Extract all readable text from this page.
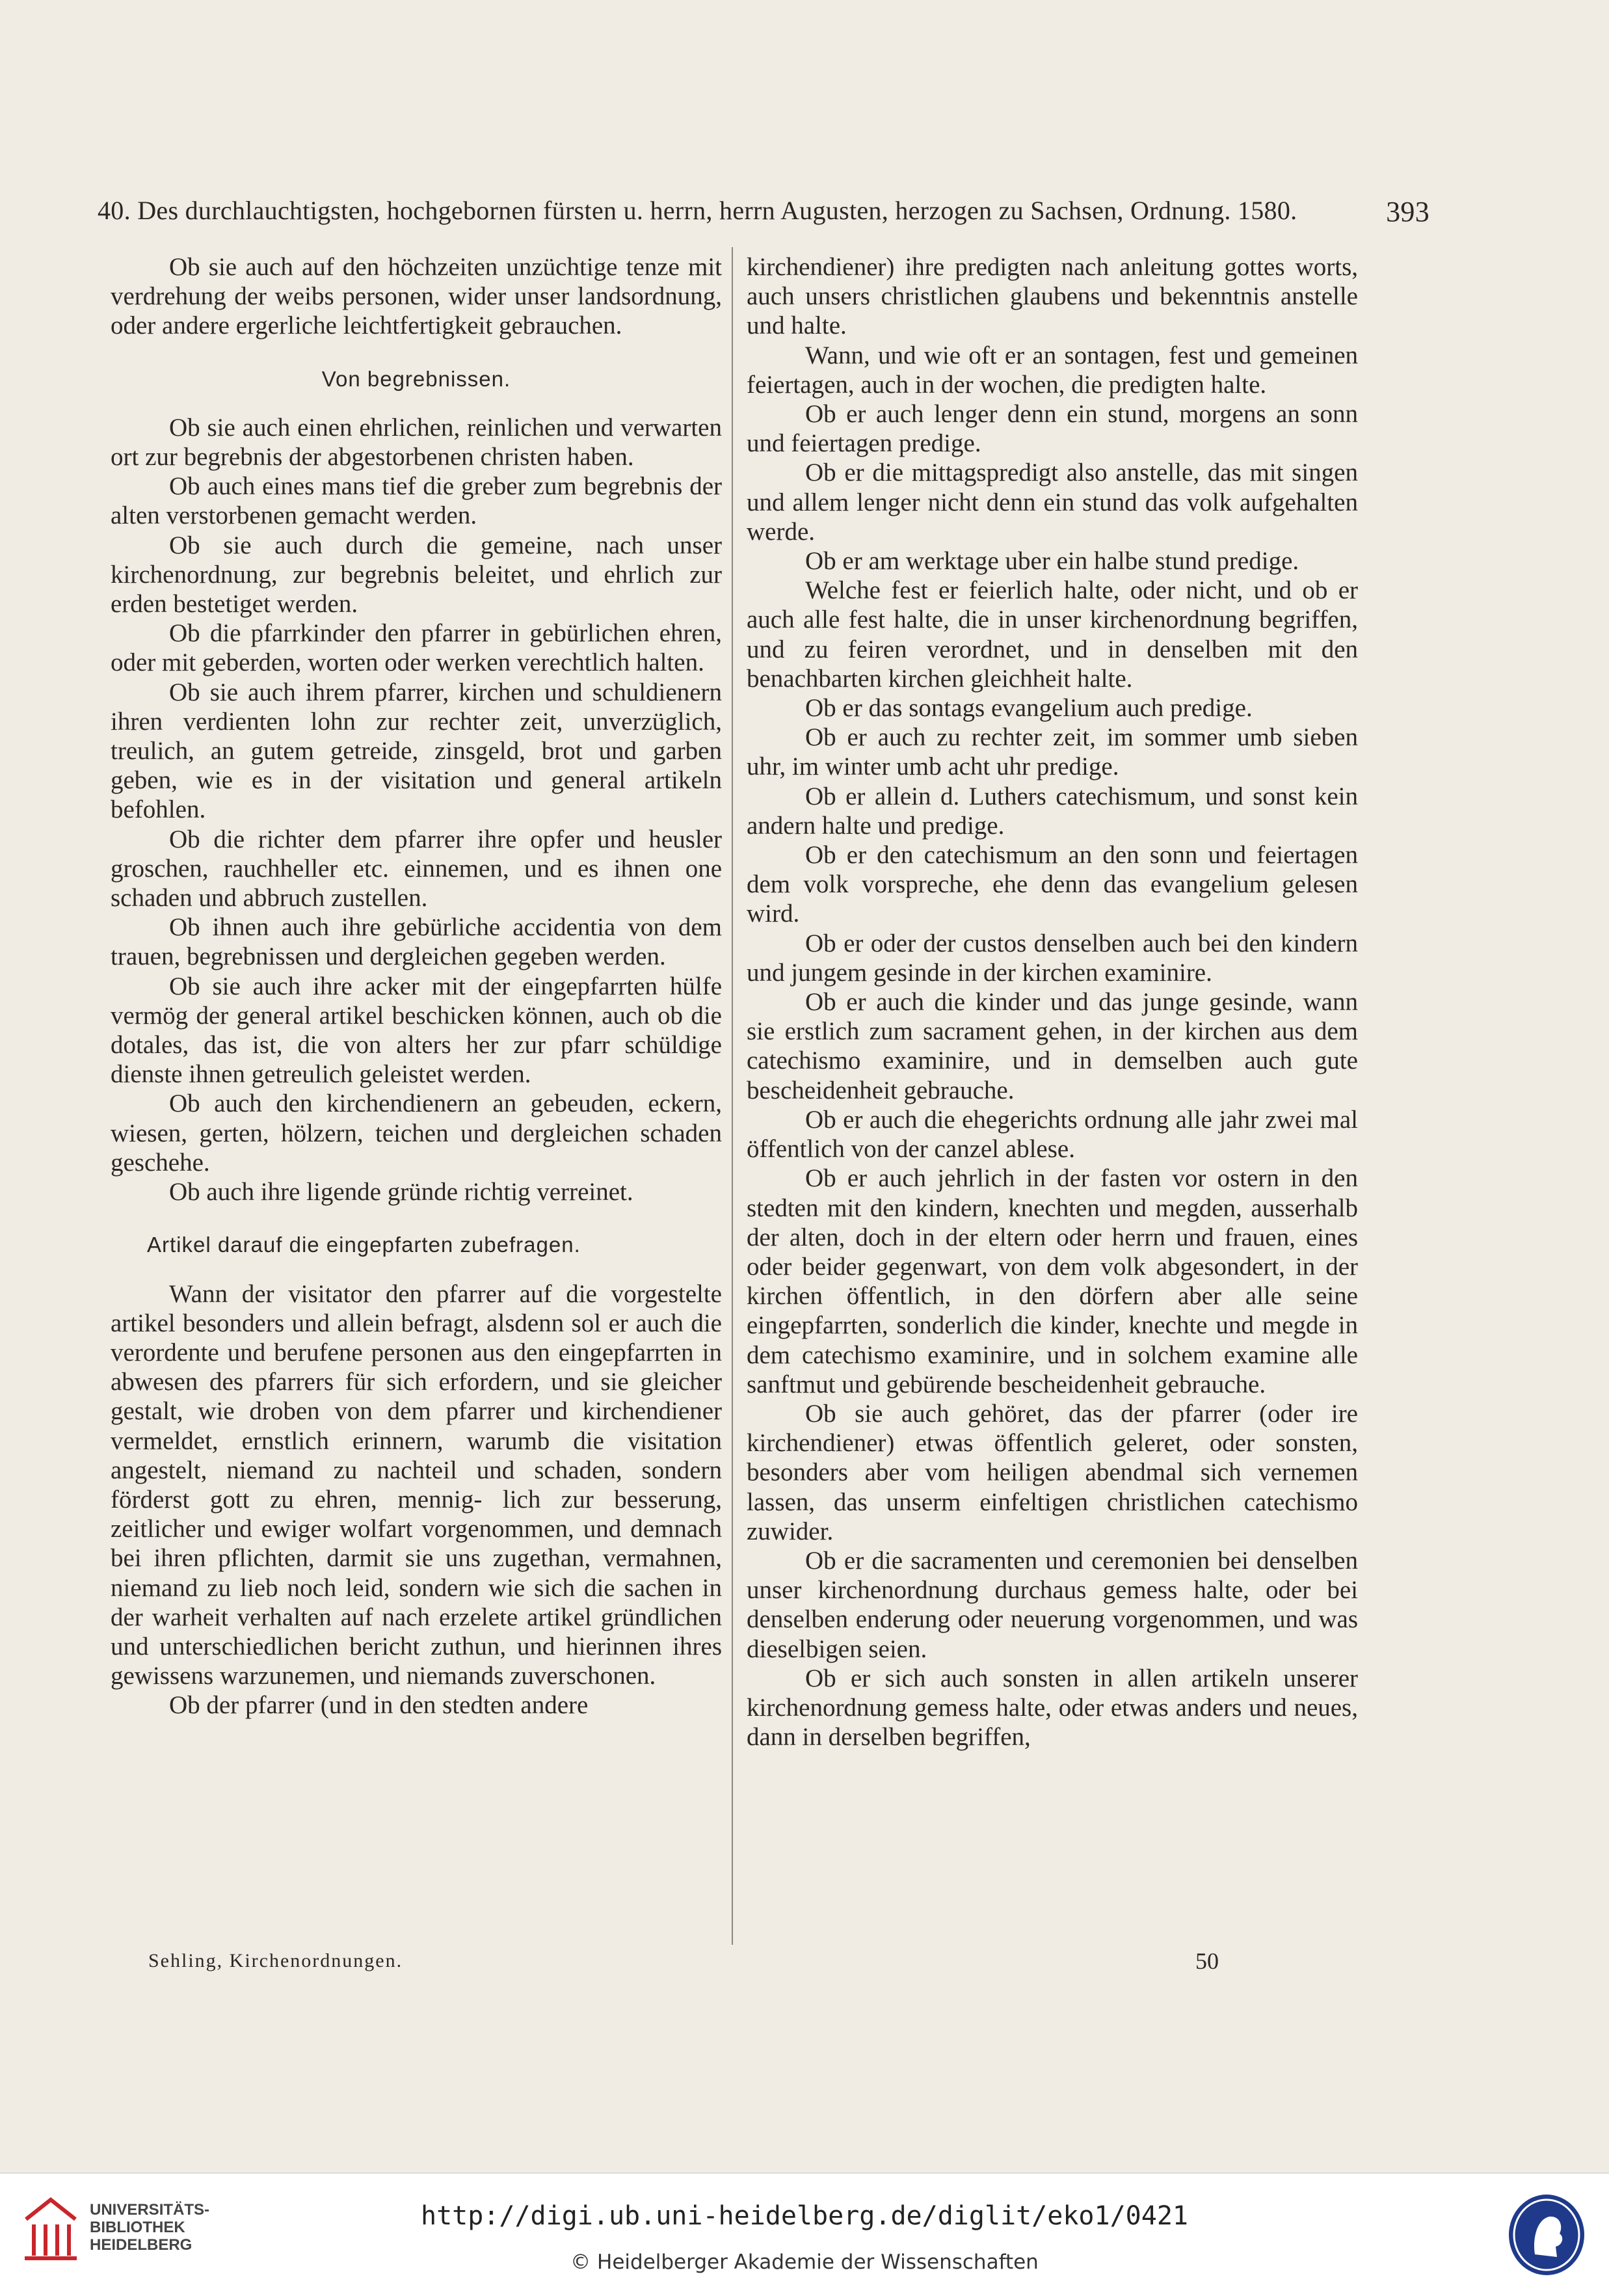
40. Des durchlauchtigsten, hochgebornen fürsten u. herrn, herrn Augusten, herzogen zu Sachsen, Ordnung. 1580.	393

Ob sie auch auf den höchzeiten unzüchtige tenze mit verdrehung der weibs personen, wider unser landsordnung, oder andere ergerliche leichtfertigkeit gebrauchen.

Von begrebnissen.

Ob sie auch einen ehrlichen, reinlichen und verwarten ort zur begrebnis der abgestorbenen christen haben.

Ob auch eines mans tief die greber zum begrebnis der alten verstorbenen gemacht werden.

Ob sie auch durch die gemeine, nach unser kirchenordnung, zur begrebnis beleitet, und ehrlich zur erden bestetiget werden.

Ob die pfarrkinder den pfarrer in gebürlichen ehren, oder mit geberden, worten oder werken verechtlich halten.

Ob sie auch ihrem pfarrer, kirchen und schuldienern ihren verdienten lohn zur rechter zeit, unverzüglich, treulich, an gutem getreide, zinsgeld, brot und garben geben, wie es in der visitation und general artikeln befohlen.

Ob die richter dem pfarrer ihre opfer und heusler groschen, rauchheller etc. einnemen, und es ihnen one schaden und abbruch zustellen.

Ob ihnen auch ihre gebürliche accidentia von dem trauen, begrebnissen und dergleichen gegeben werden.

Ob sie auch ihre acker mit der eingepfarrten hülfe vermög der general artikel beschicken können, auch ob die dotales, das ist, die von alters her zur pfarr schüldige dienste ihnen getreulich geleistet werden.

Ob auch den kirchendienern an gebeuden, eckern, wiesen, gerten, hölzern, teichen und dergleichen schaden geschehe.

Ob auch ihre ligende gründe richtig verreinet.

Artikel darauf die eingepfarten zubefragen.

Wann der visitator den pfarrer auf die vorgestelte artikel besonders und allein befragt, alsdenn sol er auch die verordente und berufene personen aus den eingepfarrten in abwesen des pfarrers für sich erfordern, und sie gleicher gestalt, wie droben von dem pfarrer und kirchendiener vermeldet, ernstlich erinnern, warumb die visitation angestelt, niemand zu nachteil und schaden, sondern förderst gott zu ehren, mennig- lich zur besserung, zeitlicher und ewiger wolfart vorgenommen, und demnach bei ihren pflichten, darmit sie uns zugethan, vermahnen, niemand zu lieb noch leid, sondern wie sich die sachen in der warheit verhalten auf nach erzelete artikel gründlichen und unterschiedlichen bericht zuthun, und hierinnen ihres gewissens warzunemen, und niemands zuverschonen.

Ob der pfarrer (und in den stedten andere

kirchendiener) ihre predigten nach anleitung gottes worts, auch unsers christlichen glaubens und bekenntnis anstelle und halte.

Wann, und wie oft er an sontagen, fest und gemeinen feiertagen, auch in der wochen, die predigten halte.

Ob er auch lenger denn ein stund, morgens an sonn und feiertagen predige.

Ob er die mittagspredigt also anstelle, das mit singen und allem lenger nicht denn ein stund das volk aufgehalten werde.

Ob er am werktage uber ein halbe stund predige.

Welche fest er feierlich halte, oder nicht, und ob er auch alle fest halte, die in unser kirchenordnung begriffen, und zu feiren verordnet, und in denselben mit den benachbarten kirchen gleichheit halte.

Ob er das sontags evangelium auch predige.

Ob er auch zu rechter zeit, im sommer umb sieben uhr, im winter umb acht uhr predige.

Ob er allein d. Luthers catechismum, und sonst kein andern halte und predige.

Ob er den catechismum an den sonn und feiertagen dem volk vorspreche, ehe denn das evangelium gelesen wird.

Ob er oder der custos denselben auch bei den kindern und jungem gesinde in der kirchen examinire.

Ob er auch die kinder und das junge gesinde, wann sie erstlich zum sacrament gehen, in der kirchen aus dem catechismo examinire, und in demselben auch gute bescheidenheit gebrauche.

Ob er auch die ehegerichts ordnung alle jahr zwei mal öffentlich von der canzel ablese.

Ob er auch jehrlich in der fasten vor ostern in den stedten mit den kindern, knechten und megden, ausserhalb der alten, doch in der eltern oder herrn und frauen, eines oder beider gegenwart, von dem volk abgesondert, in der kirchen öffentlich, in den dörfern aber alle seine eingepfarrten, sonderlich die kinder, knechte und megde in dem catechismo examinire, und in solchem examine alle sanftmut und gebürende bescheidenheit gebrauche.

Ob sie auch gehöret, das der pfarrer (oder ire kirchendiener) etwas öffentlich geleret, oder sonsten, besonders aber vom heiligen abendmal sich vernemen lassen, das unserm einfeltigen christlichen catechismo zuwider.

Ob er die sacramenten und ceremonien bei denselben unser kirchenordnung durchaus gemess halte, oder bei denselben enderung oder neuerung vorgenommen, und was dieselbigen seien.

Ob er sich auch sonsten in allen artikeln unserer kirchenordnung gemess halte, oder etwas anders und neues, dann in derselben begriffen,

Sehling, Kirchenordnungen.	50
UNIVERSITÄTS-
BIBLIOTHEK
HEIDELBERG
http://digi.ub.uni-heidelberg.de/diglit/eko1/0421
© Heidelberger Akademie der Wissenschaften
